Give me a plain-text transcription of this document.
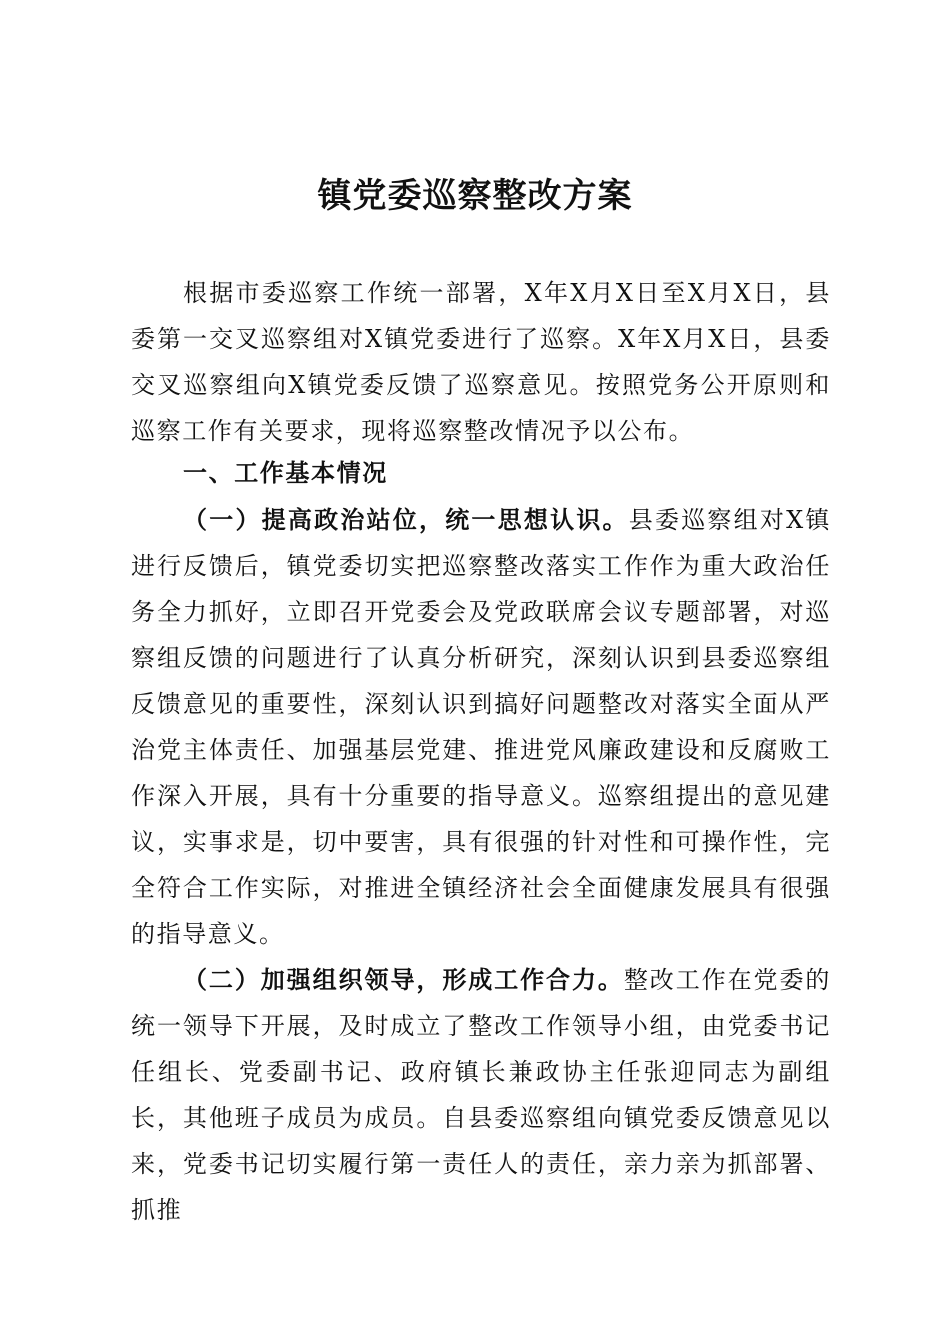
镇党委巡察整改方案

根据市委巡察工作统一部署，X年X月X日至X月X日，县委第一交叉巡察组对X镇党委进行了巡察。X年X月X日，县委交叉巡察组向X镇党委反馈了巡察意见。按照党务公开原则和巡察工作有关要求，现将巡察整改情况予以公布。

一、工作基本情况

（一）提高政治站位，统一思想认识。县委巡察组对X镇进行反馈后，镇党委切实把巡察整改落实工作作为重大政治任务全力抓好，立即召开党委会及党政联席会议专题部署，对巡察组反馈的问题进行了认真分析研究，深刻认识到县委巡察组反馈意见的重要性，深刻认识到搞好问题整改对落实全面从严治党主体责任、加强基层党建、推进党风廉政建设和反腐败工作深入开展，具有十分重要的指导意义。巡察组提出的意见建议，实事求是，切中要害，具有很强的针对性和可操作性，完全符合工作实际，对推进全镇经济社会全面健康发展具有很强的指导意义。

（二）加强组织领导，形成工作合力。整改工作在党委的统一领导下开展，及时成立了整改工作领导小组，由党委书记任组长、党委副书记、政府镇长兼政协主任张迎同志为副组长，其他班子成员为成员。自县委巡察组向镇党委反馈意见以来，党委书记切实履行第一责任人的责任，亲力亲为抓部署、抓推
